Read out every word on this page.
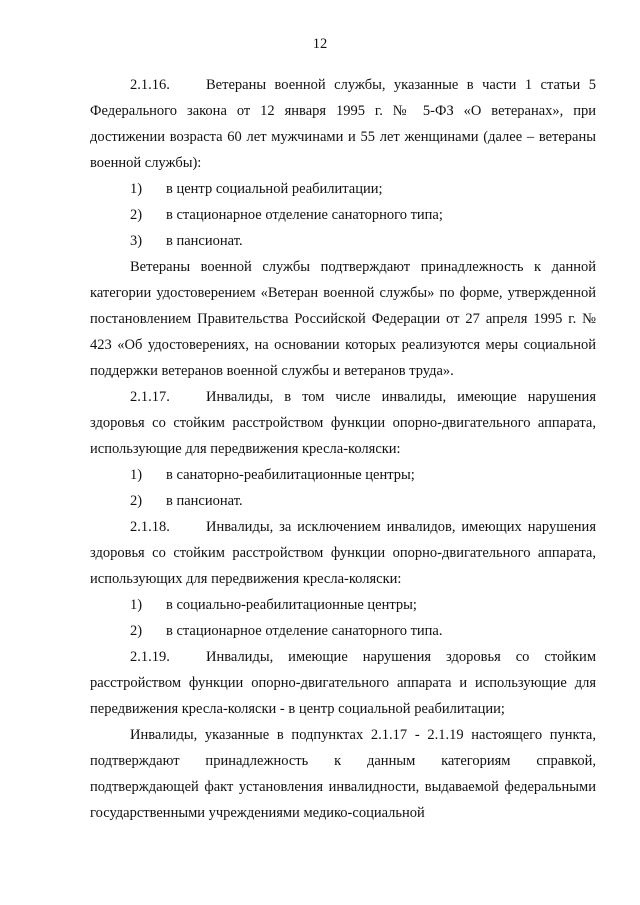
12

2.1.16. Ветераны военной службы, указанные в части 1 статьи 5 Федерального закона от 12 января 1995 г. № 5-ФЗ «О ветеранах», при достижении возраста 60 лет мужчинами и 55 лет женщинами (далее – ветераны военной службы):

1) в центр социальной реабилитации;

2) в стационарное отделение санаторного типа;

3) в пансионат.

Ветераны военной службы подтверждают принадлежность к данной категории удостоверением «Ветеран военной службы» по форме, утвержденной постановлением Правительства Российской Федерации от 27 апреля 1995 г. № 423 «Об удостоверениях, на основании которых реализуются меры социальной поддержки ветеранов военной службы и ветеранов труда».

2.1.17. Инвалиды, в том числе инвалиды, имеющие нарушения здоровья со стойким расстройством функции опорно-двигательного аппарата, использующие для передвижения кресла-коляски:

1) в санаторно-реабилитационные центры;

2) в пансионат.

2.1.18. Инвалиды, за исключением инвалидов, имеющих нарушения здоровья со стойким расстройством функции опорно-двигательного аппарата, использующих для передвижения кресла-коляски:

1) в социально-реабилитационные центры;

2) в стационарное отделение санаторного типа.

2.1.19. Инвалиды, имеющие нарушения здоровья со стойким расстройством функции опорно-двигательного аппарата и использующие для передвижения кресла-коляски - в центр социальной реабилитации;

Инвалиды, указанные в подпунктах 2.1.17 - 2.1.19 настоящего пункта, подтверждают принадлежность к данным категориям справкой, подтверждающей факт установления инвалидности, выдаваемой федеральными государственными учреждениями медико-социальной
